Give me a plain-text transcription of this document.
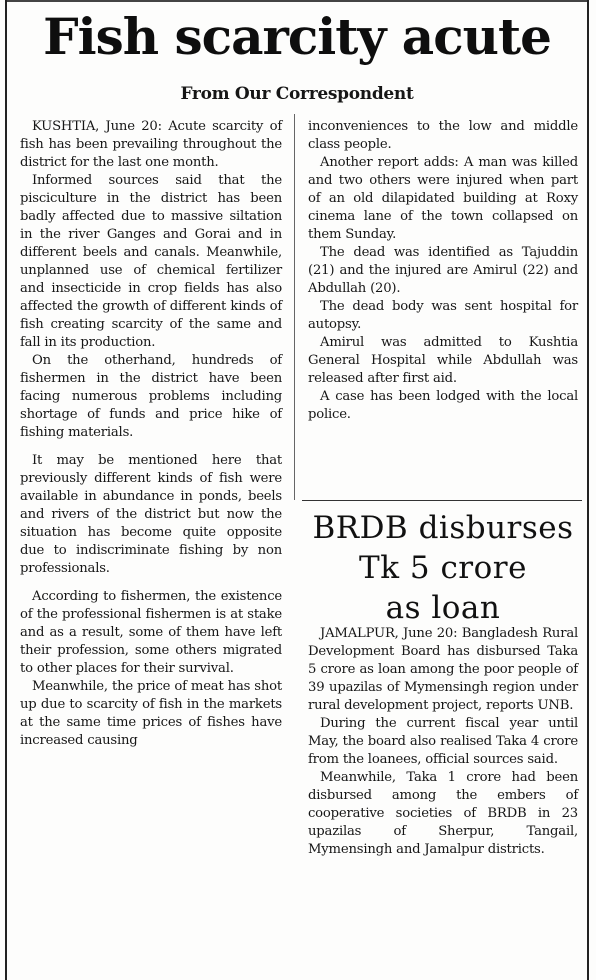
Fish scarcity acute
From Our Correspondent

KUSHTIA, June 20: Acute scarcity of fish has been prevailing throughout the district for the last one month.

Informed sources said that the pisciculture in the district has been badly affected due to massive siltation in the river Ganges and Gorai and in different beels and canals. Meanwhile, unplanned use of chemical fertilizer and insecticide in crop fields has also affected the growth of different kinds of fish creating scarcity of the same and fall in its production.

On the otherhand, hundreds of fishermen in the district have been facing numerous problems including shortage of funds and price hike of fishing materials.

It may be mentioned here that previously different kinds of fish were available in abundance in ponds, beels and rivers of the district but now the situation has become quite opposite due to indiscriminate fishing by non professionals.

According to fishermen, the existence of the professional fishermen is at stake and as a result, some of them have left their profession, some others migrated to other places for their survival.

Meanwhile, the price of meat has shot up due to scarcity of fish in the markets at the same time prices of fishes have increased causing

inconveniences to the low and middle class people.

Another report adds: A man was killed and two others were injured when part of an old dilapidated building at Roxy cinema lane of the town collapsed on them Sunday.

The dead was identified as Tajuddin (21) and the injured are Amirul (22) and Abdullah (20).

The dead body was sent hospital for autopsy.

Amirul was admitted to Kushtia General Hospital while Abdullah was released after first aid.

A case has been lodged with the local police.

BRDB disburses
Tk 5 crore
as loan

JAMALPUR, June 20: Bangladesh Rural Development Board has disbursed Taka 5 crore as loan among the poor people of 39 upazilas of Mymensingh region under rural development project, reports UNB.

During the current fiscal year until May, the board also realised Taka 4 crore from the loanees, official sources said.

Meanwhile, Taka 1 crore had been disbursed among the embers of cooperative societies of BRDB in 23 upazilas of Sherpur, Tangail, Mymensingh and Jamalpur districts.
